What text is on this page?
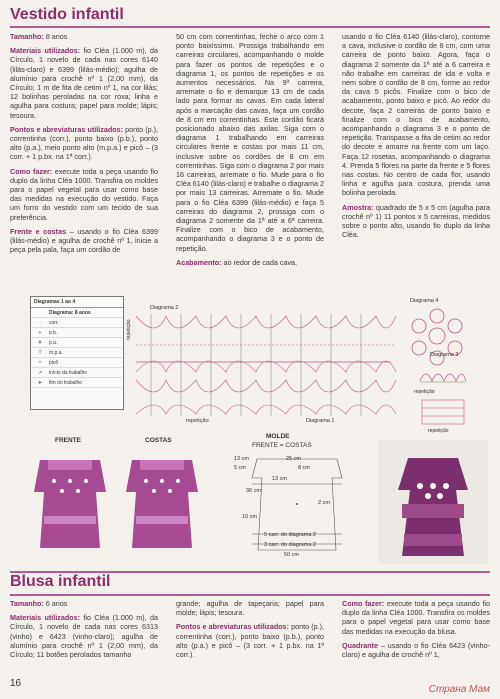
Vestido infantil

Tamanho: 8 anos

Materiais utilizados: fio Cléa (1.000 m), da Círculo, 1 novelo de cada nas cores 6140 (lilás-claro) e 6399 (lilás-médio); agulha de alumínio para crochê nº 1 (2,00 mm), da Círculo; 1 m de fita de cetim nº 1, na cor lilás; 12 bolinhas peroladas na cor roxa; linha e agulha para costura; papel para molde; lápis; tesoura.

Pontos e abreviaturas utilizados: ponto (p.), correntinha (corr.), ponto baixo (p.b.), ponto alto (p.a.), meio ponto alto (m.p.a.) e picô – (3 corr. + 1 p.bx. na 1ª corr.).

Como fazer: execute toda a peça usando fio duplo da linha Cléa 1000. Transfira os moldes para o papel vegetal para usar como base das medidas na execução do vestido. Faça um forro do vestido com um tecido de sua preferência.

Frente e costas – usando o fio Cléa 6399 (lilás-médio) e agulha de crochê nº 1, inicie a peça pela pala, faça um cordão de

50 cm com correntinhas, feche o arco com 1 ponto baixíssimo. Prossiga trabalhando em carreiras circulares, acompanhando o molde para fazer os pontos de repetições e o diagrama 1, os pontos de repetições e os aumentos necessários. Na 9ª carreira, arremate o fio e demarque 13 cm de cada lado para formar as cavas. Em cada lateral após a marcação das cavas, faça um cordão de 8 cm em correntinhas. Este cordão ficará posicionado abaixo das axilas. Siga com o diagrama 1 trabalhando em carreiras circulares frente e costas por mais 11 cm, inclusive sobre os cordões de 8 cm em correntinhas. Siga com o diagrama 2 por mais 16 carreiras, arremate o fio. Mude para o fio Cléa 6140 (lilás-claro) e trabalhe o diagrama 2 por mais 13 carreiras. Arremate o fio. Mude para o fio Cléa 6399 (lilás-médio) e faça 5 carreiras do diagrama 2, prossiga com o diagrama 2 somente da 1ª até a 6ª carreira. Finalize com o bico de acabamento, acompanhando o diagrama 3 e o ponto de repetição.

Acabamento: ao redor de cada cava,

usando o fio Cléa 6140 (lilás-claro), contorne a cava, inclusive o cordão de 8 cm, com uma carreira de ponto baixo. Agora, faça o diagrama 2 somente da 1ª até a 6 carreira e não trabalhe em carreiras de ida e volta e nem sobre o cordão de 8 cm, forme ao redor da cava 5 picôs. Finalize com o bico de acabamento, ponto baixo e picô. Ao redor do decote, faça 2 carreiras de ponto baixo e finalize com o bico de acabamento, acompanhando o diagrama 3 e o ponto de repetição. Transpasse a fita de cetim ao redor do decote e amarre na frente com um laço. Faça 12 rosetas, acompanhando o diagrama 4. Prenda 5 flores na parte da frente e 5 flores nas costas. No centro de cada flor, usando linha e agulha para costura, prenda uma bolinha perolada.

Amostra: quadrado de 5 x 5 cm (agulha para crochê nº 1) 11 pontos x 5 carreiras, medidos sobre o ponto alto, usando fio duplo da linha Cléa.

Diagramas 1 ao 4
Diagrama: 8 anos
◦	corr.
+	p.b.
ǂ	p.a.
T	m.p.a.
ᴖ	picô
↗	início da trabalho
➤	fim do trabalho
Diagrama 2
repetição
repetição	Diagrama 1
Diagrama 4
Diagrama 3
repetição
repetição
FRENTE	COSTAS
MOLDE
FRENTE = COSTAS
13 cm	25 cm
8 cm
5 cm
13 cm
36 cm
10 cm
2 cm
5 carr. do diagrama 2
3 carr. do diagrama 2
50 cm
Blusa infantil

Tamanho: 6 anos

Materiais utilizados: fio Cléa (1.000 m), da Círculo, 1 novelo de cada nas cores 6313 (vinho) e 6423 (vinho-claro); agulha de alumínio para crochê nº 1 (2,00 mm), da Círculo; 11 botões perolados tamanho

grande; agulha de tapeçaria; papel para molde; lápis; tesoura.

Pontos e abreviaturas utilizados: ponto (p.), correntinha (corr.), ponto baixo (p.b.), ponto alto (p.a.) e picô – (3 corr. + 1 p.bx. na 1ª corr.).

Como fazer: execute toda a peça usando fio duplo da linha Cléa 1000. Transfira os moldes para o papel vegetal para usar como base das medidas na execução da blusa.

Quadrante – usando o fio Cléa 6423 (vinho-claro) e agulha de crochê nº 1,

16
Страна Мам
